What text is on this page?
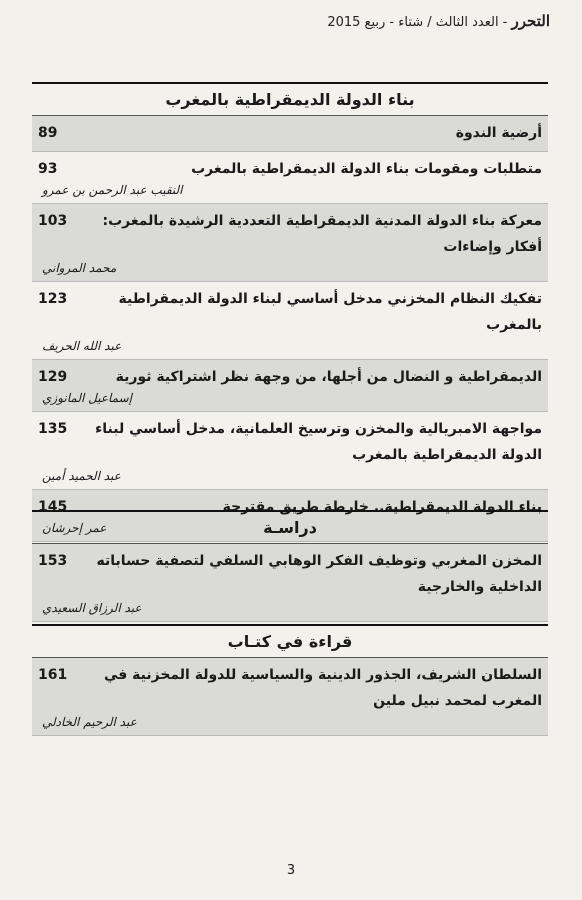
التحرر - العدد الثالث / شتاء - ربيع 2015
بناء الدولة الديمقراطية بالمغرب
أرضية الندوة
89
متطلبات ومقومات بناء الدولة الديمقراطية بالمغرب
93
النقيب عبد الرحمن بن عمرو
معركة بناء الدولة المدنية الديمقراطية التعددية الرشيدة بالمغرب: أفكار وإضاءات
103
محمد المرواني
تفكيك النظام المخزني مدخل أساسي لبناء الدولة الديمقراطية بالمغرب
123
عبد الله الحريف
الديمقراطية و النضال من أجلها، من وجهة نظر اشتراكية ثورية
129
إسماعيل المانوزي
مواجهة الامبريالية والمخزن وترسيخ العلمانية، مدخل أساسي لبناء الدولة الديمقراطية بالمغرب
135
عبد الحميد أمين
بناء الدولة الديمقراطية.. خارطة طريق مقترحة
145
عمر إحرشان	دراسـة
المخزن المغربي وتوظيف الفكر الوهابي السلفي لتصفية حساباته الداخلية والخارجية
153
عبد الرزاق السعيدي
قراءة في كتـاب
السلطان الشريف، الجذور الدينية والسياسية للدولة المخزنية في المغرب لمحمد نبيل ملين
161
عبد الرحيم الخادلي
3
